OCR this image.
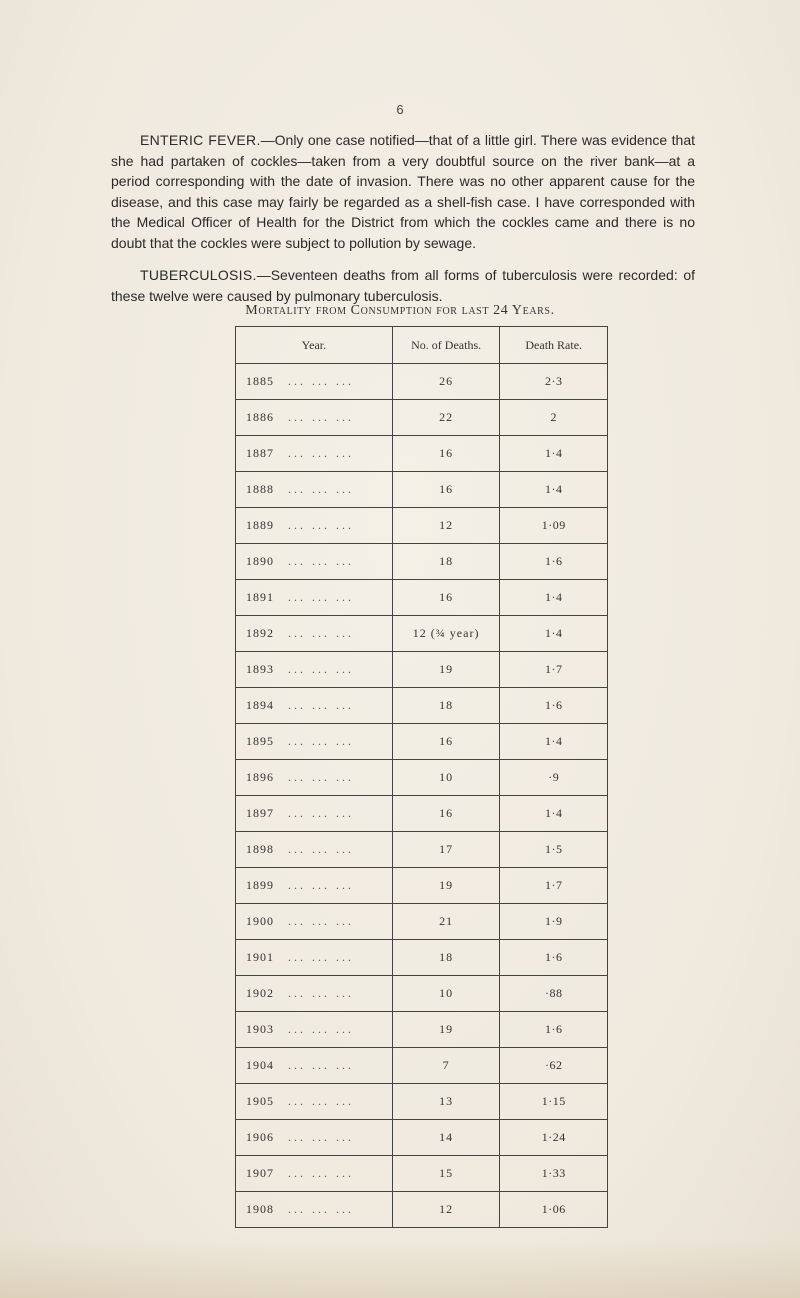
6
ENTERIC FEVER.—Only one case notified—that of a little girl. There was evidence that she had partaken of cockles—taken from a very doubtful source on the river bank—at a period corresponding with the date of invasion. There was no other apparent cause for the disease, and this case may fairly be regarded as a shell-fish case. I have corresponded with the Medical Officer of Health for the District from which the cockles came and there is no doubt that the cockles were subject to pollution by sewage.
TUBERCULOSIS.—Seventeen deaths from all forms of tuberculosis were recorded: of these twelve were caused by pulmonary tuberculosis.
Mortality from Consumption for last 24 Years.
Year.	No. of Deaths.	Death Rate.
1885 ... ... ...	26	2·3
1886 ... ... ...	22	2
1887 ... ... ...	16	1·4
1888 ... ... ...	16	1·4
1889 ... ... ...	12	1·09
1890 ... ... ...	18	1·6
1891 ... ... ...	16	1·4
1892 ... ... ...	12 (¾ year)	1·4
1893 ... ... ...	19	1·7
1894 ... ... ...	18	1·6
1895 ... ... ...	16	1·4
1896 ... ... ...	10	·9
1897 ... ... ...	16	1·4
1898 ... ... ...	17	1·5
1899 ... ... ...	19	1·7
1900 ... ... ...	21	1·9
1901 ... ... ...	18	1·6
1902 ... ... ...	10	·88
1903 ... ... ...	19	1·6
1904 ... ... ...	7	·62
1905 ... ... ...	13	1·15
1906 ... ... ...	14	1·24
1907 ... ... ...	15	1·33
1908 ... ... ...	12	1·06
